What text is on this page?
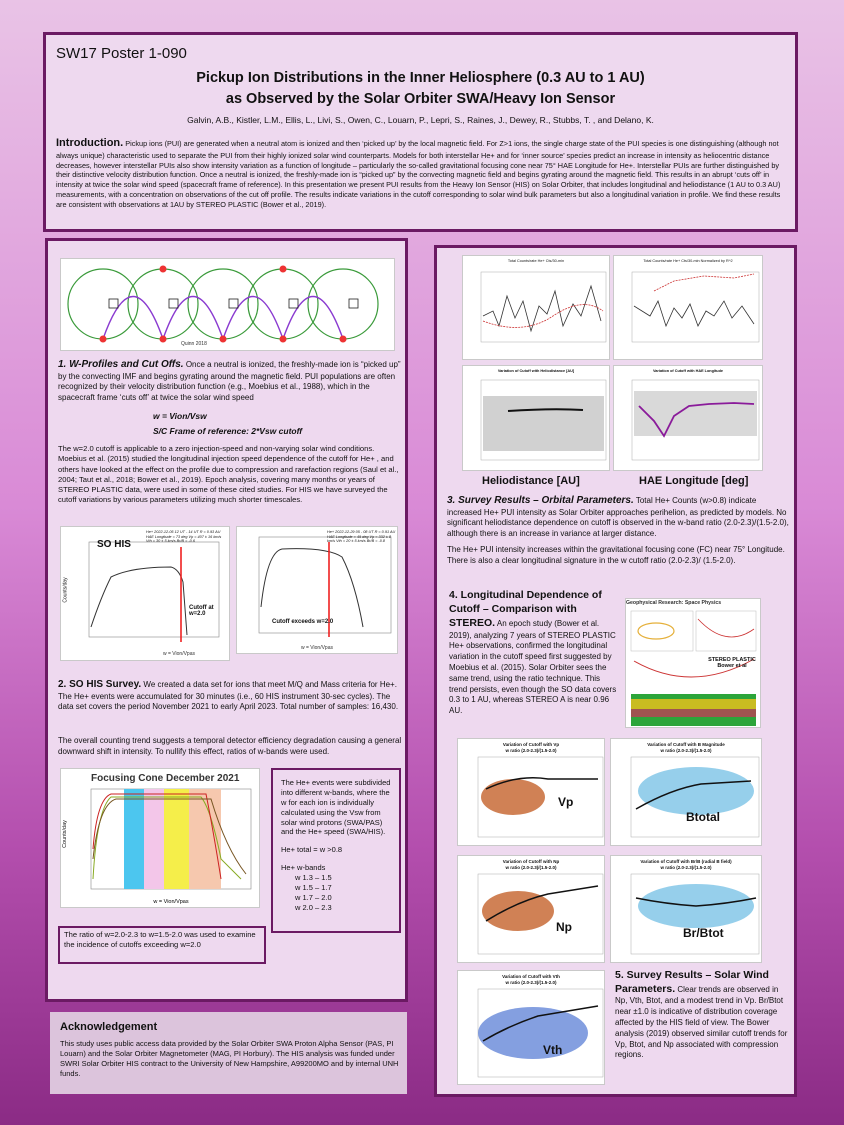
SW17 Poster 1-090
Pickup Ion Distributions in the Inner Heliosphere (0.3 AU to 1 AU)
as Observed by the Solar Orbiter SWA/Heavy Ion Sensor
Galvin, A.B., Kistler, L.M., Ellis, L., Livi, S., Owen, C., Louarn, P., Lepri, S., Raines, J., Dewey, R., Stubbs, T. , and Delano, K.
Introduction. Pickup ions (PUI) are generated when a neutral atom is ionized and then ‘picked up’ by the local magnetic field. For Z>1 ions, the single charge state of the PUI species is one distinguishing (although not always unique) characteristic used to separate the PUI from their highly ionized solar wind counterparts. Models for both interstellar He+ and for ‘inner source’ species predict an increase in intensity as heliocentric distance decreases, however interstellar PUIs also show intensity variation as a function of longitude – particularly the so-called gravitational focusing cone near 75° HAE Longitude for He+. Interstellar PUIs are further distinguished by their distinctive velocity distribution function. Once a neutral is ionized, the freshly-made ion is “picked up” by the convecting magnetic field and begins gyrating around the magnetic field. This results in an abrupt ‘cuts off’ in intensity at twice the solar wind speed (spacecraft frame of reference). In this presentation we present PUI results from the Heavy Ion Sensor (HIS) on Solar Orbiter, that includes longitudinal and heliodistance (1 AU to 0.3 AU) measurements, with a concentration on observations of the cut off profile. The results indicate variations in the cutoff corresponding to solar wind bulk parameters but also a longitudinal variation in profile. We find these results are consistent with observations at 1AU by STEREO PLASTIC (Bower et al., 2019).
Quinn 2018
1. W-Profiles and Cut Offs. Once a neutral is ionized, the freshly-made ion is “picked up” by the convecting IMF and begins gyrating around the magnetic field. PUI populations are often recognized by their velocity distribution function (e.g., Moebius et al., 1988), which in the spacecraft frame ‘cuts off’ at twice the solar wind speed
w = Vion/Vsw
S/C Frame of reference: 2*Vsw cutoff
The w=2.0 cutoff is applicable to a zero injection-speed and non-varying solar wind conditions. Moebius et al. (2015) studied the longitudinal injection speed dependence of the cutoff for He+ , and others have looked at the effect on the profile due to compression and rarefaction regions (Saul et al., 2004; Taut et al., 2018; Bower et al., 2019). Epoch analysis, covering many months or years of STEREO PLASTIC data, were used in some of these cited studies. For HIS we have surveyed the cutoff variations by various parameters utilizing much shorter timescales.
w = Vion/Vpas
SO HIS
He+ 2022-12-05 12 UT - 14 UT R = 0.93 AU HAE Longitude = 73 deg Vp = 407 ± 16 km/s Vth = 30 ± 5 km/s Br/B = -0.6
Counts/day
Cutoff at w=2.0
w = Vion/Vpas
He+ 2022-12-29 05 - 08 UT R = 0.91 AU HAE Longitude = 49 deg Vp = 332 ± 8 km/s Vth = 20 ± 5 km/s Br/B = -0.8
Cutoff exceeds w=2.0
2. SO HIS Survey. We created a data set for ions that meet M/Q and Mass criteria for He+. The He+ events were accumulated for 30 minutes (i.e., 60 HIS instrument 30-sec cycles). The data set covers the period November 2021 to early April 2023. Total number of samples: 16,430.
The overall counting trend suggests a temporal detector efficiency degradation causing a general downward shift in intensity. To nullify this effect, ratios of w-bands were used.
w = Vion/Vpas
Focusing Cone December 2021
Counts/day
The ratio of w=2.0-2.3 to w=1.5-2.0 was used to examine the incidence of cutoffs exceeding w=2.0
The He+ events were subdivided into different w-bands, where the w for each ion is individually calculated using the Vsw from solar wind protons (SWA/PAS) and the He+ speed (SWA/HIS).
He+ total = w >0.8
He+ w-bands
w 1.3 – 1.5
w 1.5 – 1.7
w 1.7 – 2.0
w 2.0 – 2.3
Acknowledgement
This study uses public access data provided by the Solar Orbiter SWA Proton Alpha Sensor (PAS, PI Louarn) and the Solar Orbiter Magnetometer (MAG, PI Horbury). The HIS analysis was funded under SWRI Solar Orbiter HIS contract to the University of New Hampshire, A99200MO and by internal UNH funds.
Total Counts/rate He+ Cts/30-min	Total Counts/rate He+ Cts/30-min Normalized by R^2
Variation of Cutoff with Heliodistance [AU]	Variation of Cutoff with HAE Longitude
Heliodistance [AU]	HAE Longitude [deg]
3. Survey Results – Orbital Parameters. Total He+ Counts (w>0.8) indicate increased He+ PUI intensity as Solar Orbiter approaches perihelion, as predicted by models. No significant heliodistance dependence on cutoff is observed in the w-band ratio (2.0-2.3)/(1.5-2.0), although there is an increase in variance at larger distance.
The He+ PUI intensity increases within the gravitational focusing cone (FC) near 75° Longitude. There is also a clear longitudinal signature in the w cutoff ratio (2.0-2.3)/ (1.5-2.0).
4. Longitudinal Dependence of Cutoff – Comparison with STEREO. An epoch study (Bower et al. 2019), analyzing 7 years of STEREO PLASTIC He+ observations, confirmed the longitudinal variation in the cutoff speed first suggested by Moebius et al. (2015). Solar Orbiter sees the same trend, using the ratio technique. This trend persists, even though the SO data covers 0.3 to 1 AU, whereas STEREO A is near 0.96 AU.
Geophysical Research: Space Physics
STEREO PLASTIC Bower et al
Variation of Cutoff with Vp
w ratio (2.0-2.3)/(1.5-2.0)
Vp
Variation of Cutoff with B Magnitude
w ratio (2.0-2.3)/(1.5-2.0)
Btotal
Variation of Cutoff with Np
w ratio (2.0-2.3)/(1.5-2.0)
Np
Variation of Cutoff with Br/B (radial B field)
w ratio (2.0-2.3)/(1.5-2.0)
Br/Btot
Variation of Cutoff with Vth
w ratio (2.0-2.3)/(1.5-2.0)
Vth
5. Survey Results – Solar Wind Parameters. Clear trends are observed in Np, Vth, Btot, and a modest trend in Vp. Br/Btot near ±1.0 is indicative of distribution coverage affected by the HIS field of view. The Bower analysis (2019) observed similar cutoff trends for Vp, Btot, and Np associated with compression regions.
